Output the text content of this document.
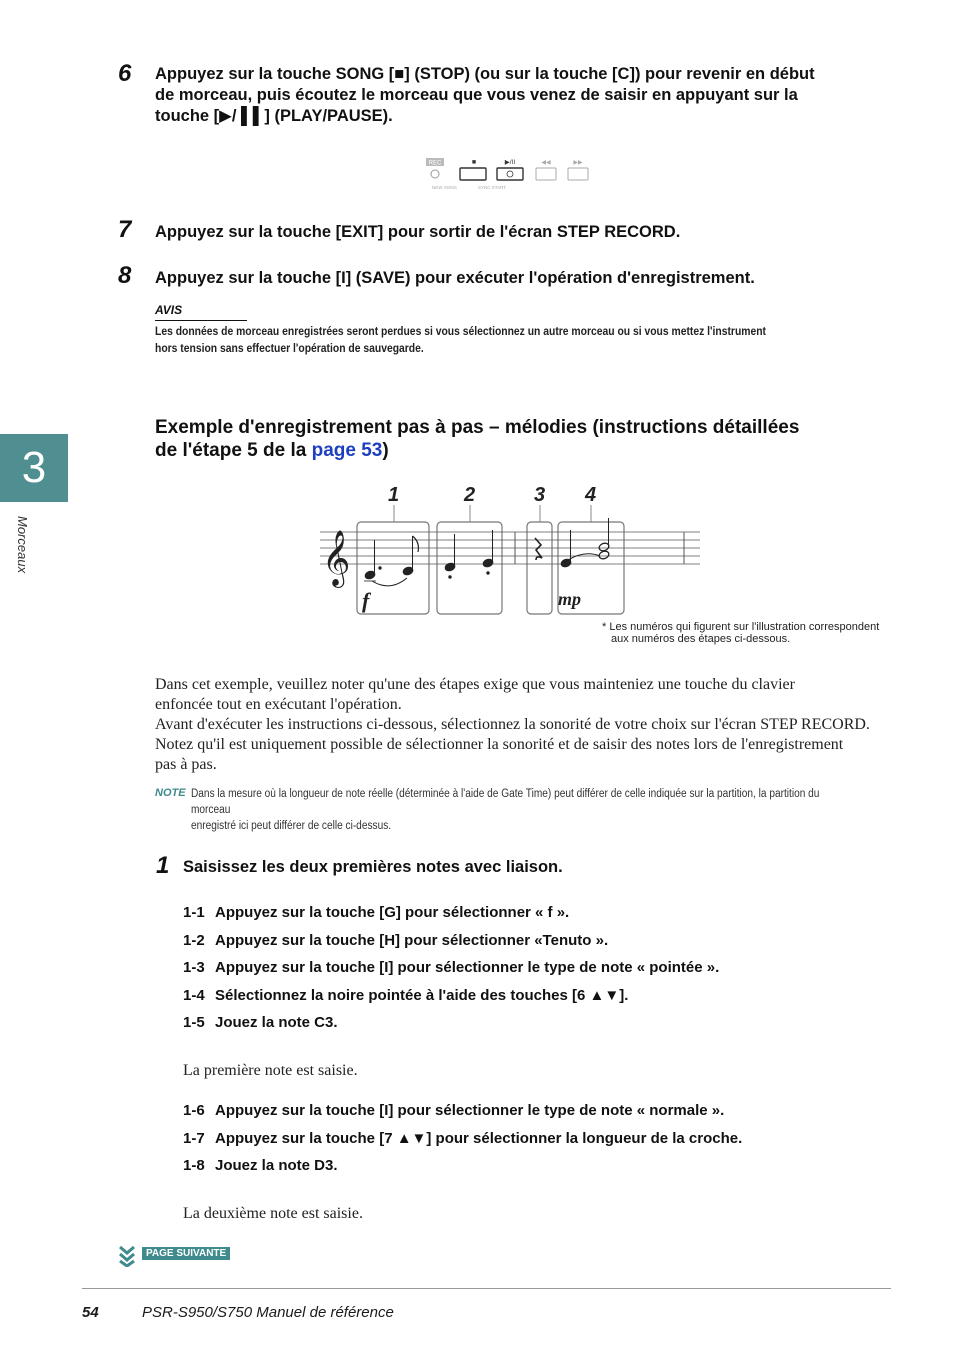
6 Appuyez sur la touche SONG [■] (STOP) (ou sur la touche [C]) pour revenir en début
de morceau, puis écoutez le morceau que vous venez de saisir en appuyant sur la
touche [▶/ ▌▌] (PLAY/PAUSE).
REC	■	▶/II	◀◀	▶▶
NEW SONG	SYNC START
7 Appuyez sur la touche [EXIT] pour sortir de l'écran STEP RECORD.
8 Appuyez sur la touche [I] (SAVE) pour exécuter l'opération d'enregistrement.
AVIS
Les données de morceau enregistrées seront perdues si vous sélectionnez un autre morceau ou si vous mettez l'instrument
hors tension sans effectuer l'opération de sauvegarde.
3
Morceaux
Exemple d'enregistrement pas à pas – mélodies (instructions détaillées
de l'étape 5 de la page 53)
1	2	3 4
𝄞
f	mp
* Les numéros qui figurent sur l'illustration correspondent
aux numéros des étapes ci-dessous.
Dans cet exemple, veuillez noter qu'une des étapes exige que vous mainteniez une touche du clavier
enfoncée tout en exécutant l'opération.
Avant d'exécuter les instructions ci-dessous, sélectionnez la sonorité de votre choix sur l'écran STEP RECORD.
Notez qu'il est uniquement possible de sélectionner la sonorité et de saisir des notes lors de l'enregistrement
pas à pas.
NOTE Dans la mesure où la longueur de note réelle (déterminée à l'aide de Gate Time) peut différer de celle indiquée sur la partition, la partition du morceau
enregistré ici peut différer de celle ci-dessus.
1 Saisissez les deux premières notes avec liaison.
1-1 Appuyez sur la touche [G] pour sélectionner « f ».
1-2 Appuyez sur la touche [H] pour sélectionner «Tenuto ».
1-3 Appuyez sur la touche [I] pour sélectionner le type de note « pointée ».
1-4 Sélectionnez la noire pointée à l'aide des touches [6 ▲▼].
1-5 Jouez la note C3.
La première note est saisie.
1-6 Appuyez sur la touche [I] pour sélectionner le type de note « normale ».
1-7 Appuyez sur la touche [7 ▲▼] pour sélectionner la longueur de la croche.
1-8 Jouez la note D3.
La deuxième note est saisie.
PAGE SUIVANTE
54	PSR-S950/S750 Manuel de référence
